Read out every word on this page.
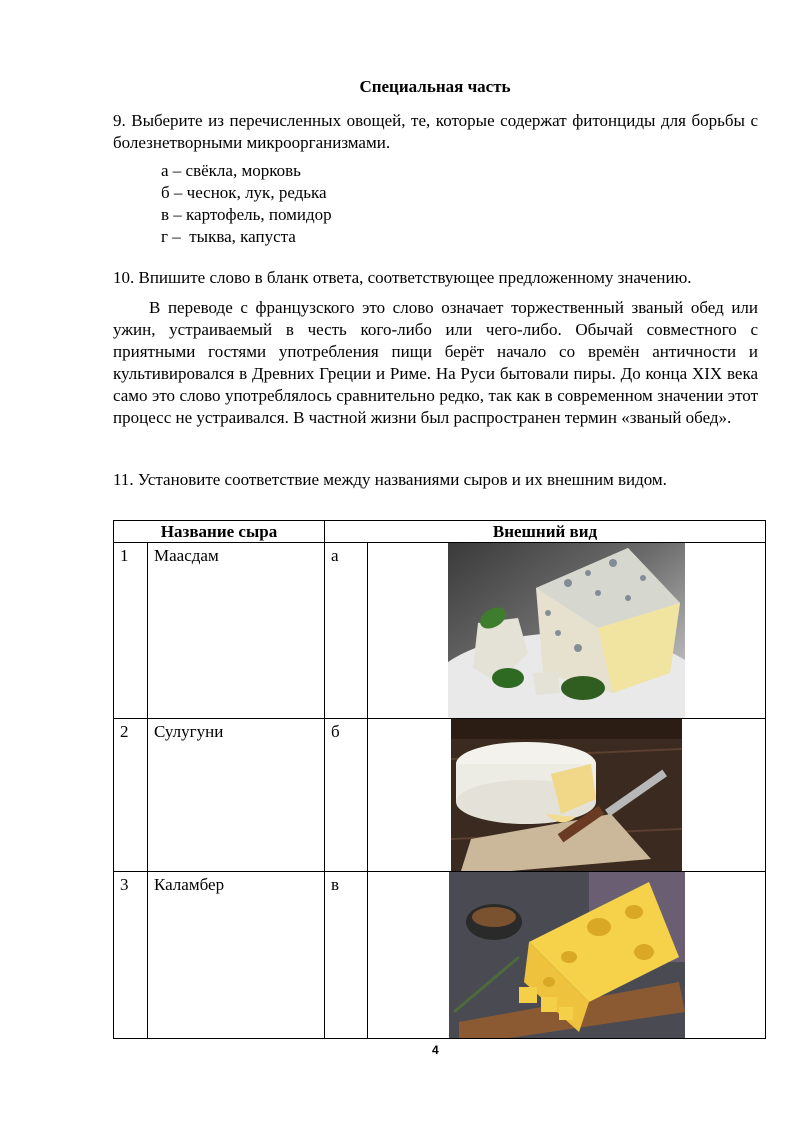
Специальная часть
9. Выберите из перечисленных овощей, те, которые содержат фитонциды для борьбы с болезнетворными микроорганизмами.
а – свёкла, морковь
б – чеснок, лук, редька
в – картофель, помидор
г –  тыква, капуста
10. Впишите слово в бланк ответа, соответствующее предложенному значению.
В переводе с французского это слово означает торжественный званый обед или ужин, устраиваемый в честь кого-либо или чего-либо. Обычай совместного с приятными гостями употребления пищи берёт начало со времён античности и культивировался в Древних Греции и Риме. На Руси бытовали пиры. До конца XIX века само это слово употреблялось сравнительно редко, так как в современном значении этот процесс не устраивался. В частной жизни был распространен термин «званый обед».
11. Установите соответствие между названиями сыров и их внешним видом.
Название сыра		Внешний вид	

1	Маасдам	а

2	Сулугуни	б

3	Каламбер	в

4
